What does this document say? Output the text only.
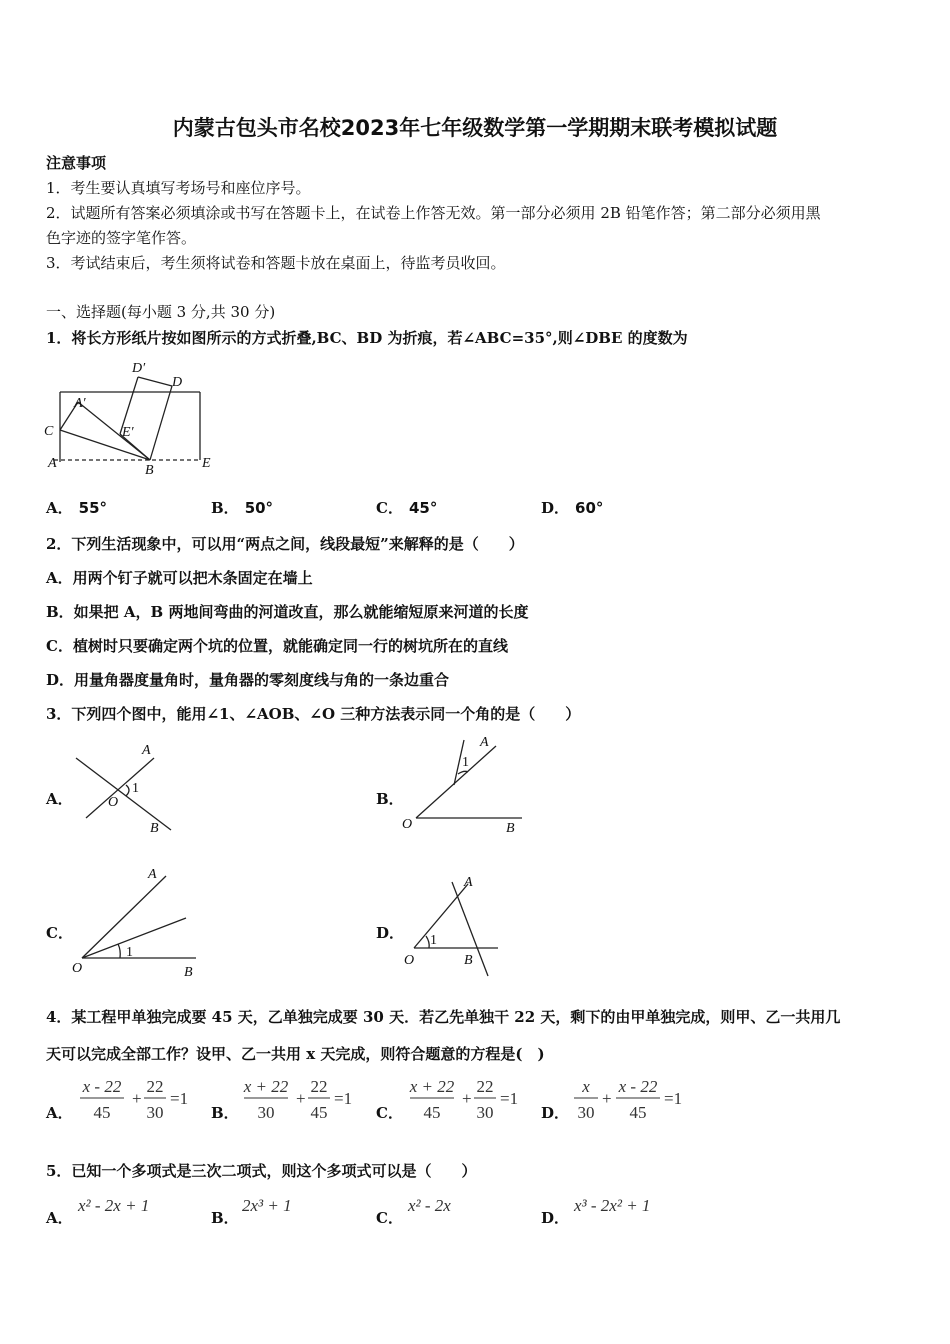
内蒙古包头市名校2023年七年级数学第一学期期末联考模拟试题
注意事项
1．考生要认真填写考场号和座位序号。
2．试题所有答案必须填涂或书写在答题卡上，在试卷上作答无效。第一部分必须用 2B 铅笔作答；第二部分必须用黑
色字迹的签字笔作答。
3．考试结束后，考生须将试卷和答题卡放在桌面上，待监考员收回。
一、选择题(每小题 3 分,共 30 分)
1．将长方形纸片按如图所示的方式折叠,BC、BD 为折痕，若∠ABC=35°,则∠DBE 的度数为
D′
D
A′
C	E′
A	B	E
A． 55°	B． 50°	C． 45°	D． 60°
2．下列生活现象中，可以用“两点之间，线段最短”来解释的是（　　）
A．用两个钉子就可以把木条固定在墙上
B．如果把 A，B 两地间弯曲的河道改直，那么就能缩短原来河道的长度
C．植树时只要确定两个坑的位置，就能确定同一行的树坑所在的直线
D．用量角器度量角时，量角器的零刻度线与角的一条边重合
3．下列四个图中，能用∠1、∠AOB、∠O 三种方法表示同一个角的是（　　）
A．
A
O
1
B
B．
A
1
O	B
C．
A
1
O	B
D．
A
1
O	B
4．某工程甲单独完成要 45 天，乙单独完成要 30 天．若乙先单独干 22 天，剩下的由甲单独完成，则甲、乙一共用几
天可以完成全部工作？设甲、乙一共用 x 天完成，则符合题意的方程是(　)
A．
x - 22
45
+
22
30
=1
B．
x + 22
30
+
22
45
=1
C．
x + 22
45
+
22
30
=1
D．
x
30
+
x - 22
45
=1
5．已知一个多项式是三次二项式，则这个多项式可以是（　　）
A．
x² - 2x + 1
B．
2x³ + 1
C．
x² - 2x
D．
x³ - 2x² + 1
